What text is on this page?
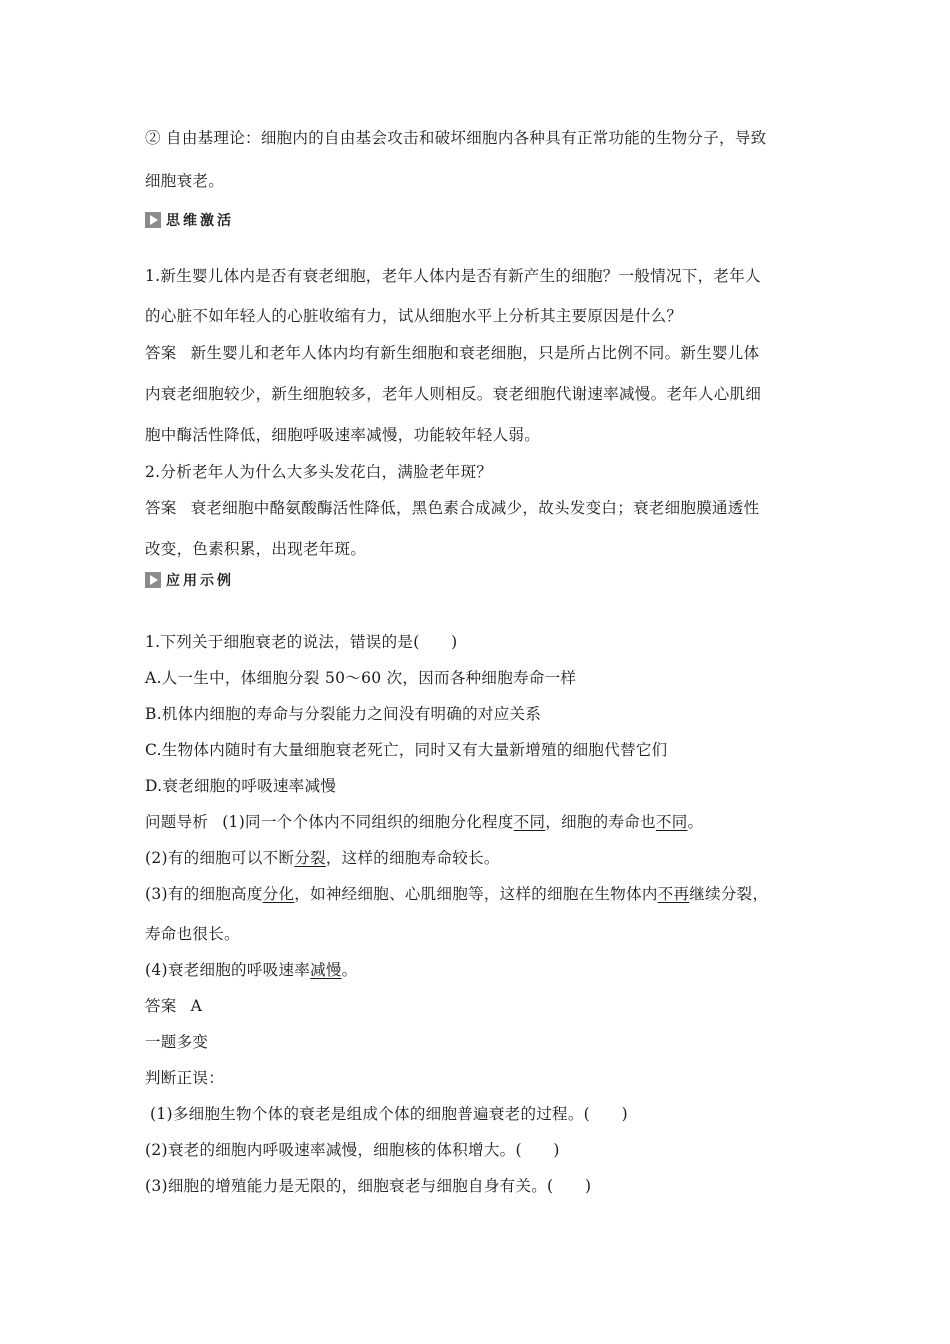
② 自由基理论：细胞内的自由基会攻击和破坏细胞内各种具有正常功能的生物分子，导致
细胞衰老。
思维激活
1.新生婴儿体内是否有衰老细胞，老年人体内是否有新产生的细胞？一般情况下，老年人
的心脏不如年轻人的心脏收缩有力，试从细胞水平上分析其主要原因是什么？
答案 新生婴儿和老年人体内均有新生细胞和衰老细胞，只是所占比例不同。新生婴儿体
内衰老细胞较少，新生细胞较多，老年人则相反。衰老细胞代谢速率减慢。老年人心肌细
胞中酶活性降低，细胞呼吸速率减慢，功能较年轻人弱。
2.分析老年人为什么大多头发花白，满脸老年斑？
答案 衰老细胞中酪氨酸酶活性降低，黑色素合成减少，故头发变白；衰老细胞膜通透性
改变，色素积累，出现老年斑。
应用示例
1.下列关于细胞衰老的说法，错误的是(　　)
A.人一生中，体细胞分裂 50～60 次，因而各种细胞寿命一样
B.机体内细胞的寿命与分裂能力之间没有明确的对应关系
C.生物体内随时有大量细胞衰老死亡，同时又有大量新增殖的细胞代替它们
D.衰老细胞的呼吸速率减慢
问题导析 (1)同一个个体内不同组织的细胞分化程度不同，细胞的寿命也不同。
(2)有的细胞可以不断分裂，这样的细胞寿命较长。
(3)有的细胞高度分化，如神经细胞、心肌细胞等，这样的细胞在生物体内不再继续分裂，
寿命也很长。
(4)衰老细胞的呼吸速率减慢。
答案 A
一题多变
判断正误：
(1)多细胞生物个体的衰老是组成个体的细胞普遍衰老的过程。(　　)
(2)衰老的细胞内呼吸速率减慢，细胞核的体积增大。(　　)
(3)细胞的增殖能力是无限的，细胞衰老与细胞自身有关。(　　)
